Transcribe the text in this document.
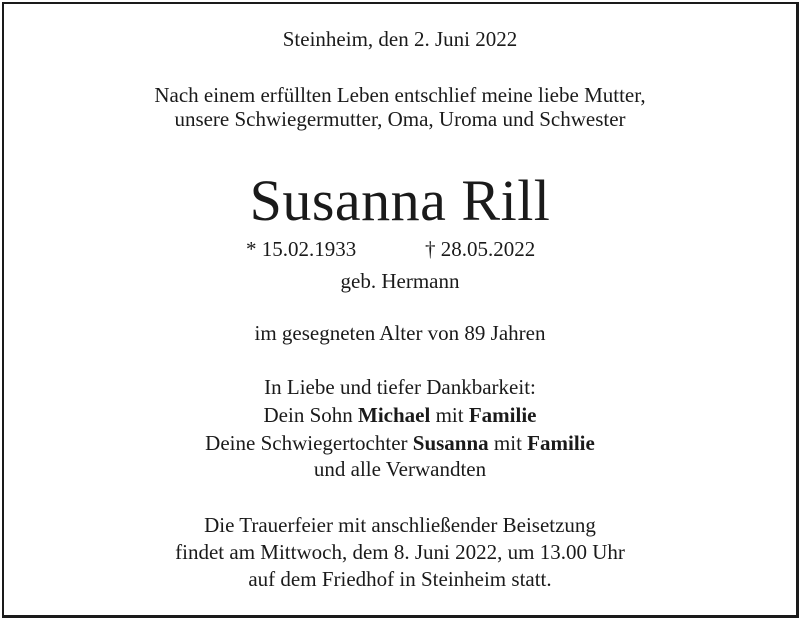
Steinheim, den 2. Juni 2022
Nach einem erfüllten Leben entschlief meine liebe Mutter,
unsere Schwiegermutter, Oma, Uroma und Schwester
Susanna Rill
* 15.02.1933	† 28.05.2022
geb. Hermann
im gesegneten Alter von 89 Jahren
In Liebe und tiefer Dankbarkeit:
Dein Sohn Michael mit Familie
Deine Schwiegertochter Susanna mit Familie
und alle Verwandten
Die Trauerfeier mit anschließender Beisetzung
findet am Mittwoch, dem 8. Juni 2022, um 13.00 Uhr
auf dem Friedhof in Steinheim statt.
